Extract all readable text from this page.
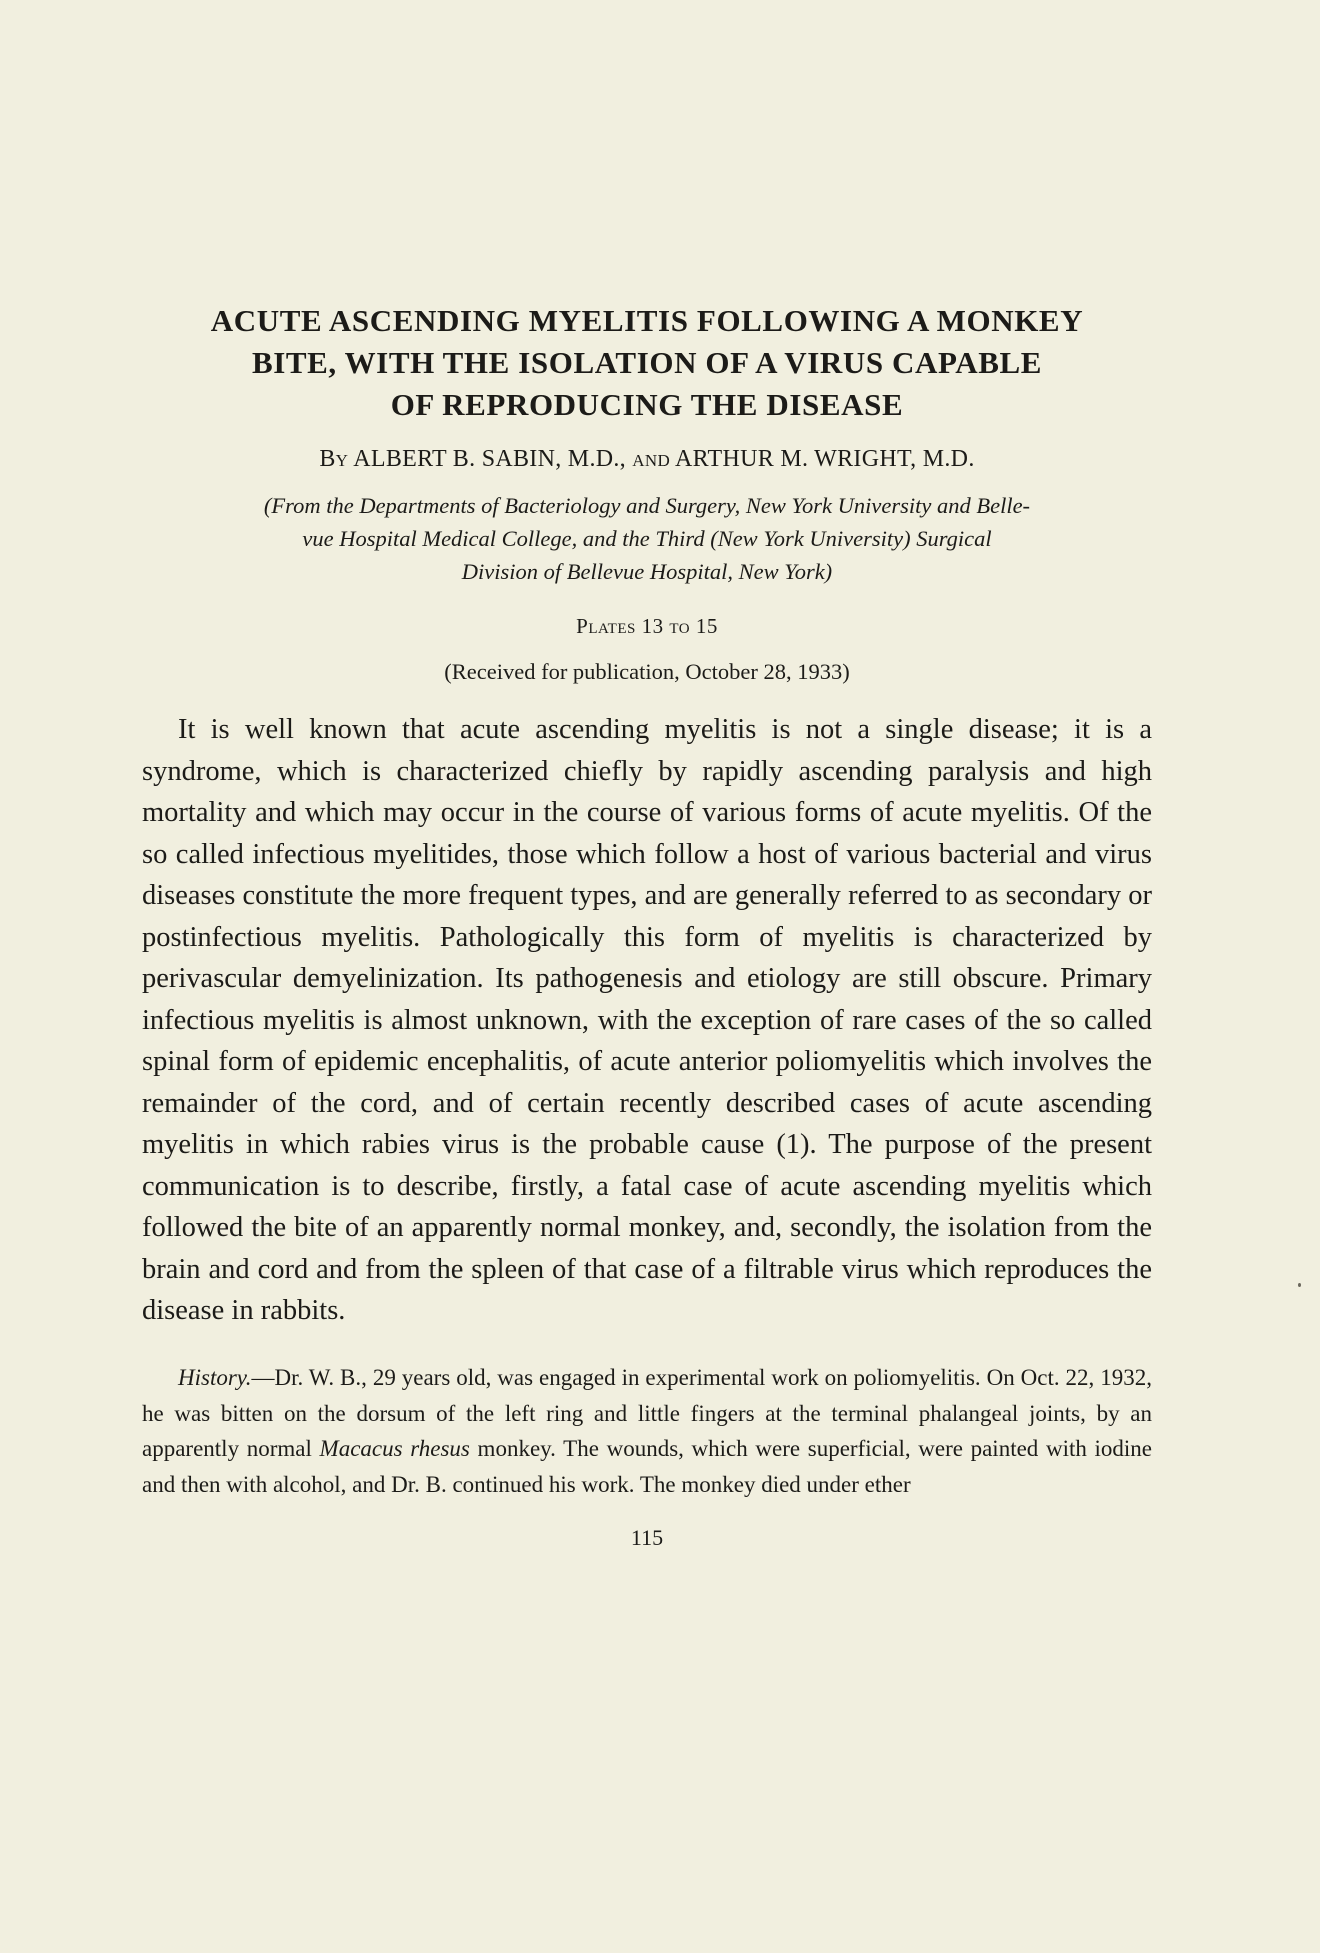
ACUTE ASCENDING MYELITIS FOLLOWING A MONKEY
BITE, WITH THE ISOLATION OF A VIRUS CAPABLE
OF REPRODUCING THE DISEASE
By ALBERT B. SABIN, M.D., and ARTHUR M. WRIGHT, M.D.
(From the Departments of Bacteriology and Surgery, New York University and Belle-
vue Hospital Medical College, and the Third (New York University) Surgical
Division of Bellevue Hospital, New York)
Plates 13 to 15
(Received for publication, October 28, 1933)

It is well known that acute ascending myelitis is not a single disease; it is a syndrome, which is characterized chiefly by rapidly ascending paralysis and high mortality and which may occur in the course of various forms of acute myelitis. Of the so called infectious myelitides, those which follow a host of various bacterial and virus diseases constitute the more frequent types, and are generally referred to as secondary or postinfectious myelitis. Pathologically this form of myelitis is characterized by perivascular demyelinization. Its pathogenesis and etiology are still obscure. Primary infectious myelitis is almost unknown, with the exception of rare cases of the so called spinal form of epidemic encephalitis, of acute anterior poliomyelitis which involves the remainder of the cord, and of certain recently described cases of acute ascending myelitis in which rabies virus is the probable cause (1). The purpose of the present communication is to describe, firstly, a fatal case of acute ascending myelitis which followed the bite of an apparently normal monkey, and, secondly, the isolation from the brain and cord and from the spleen of that case of a filtrable virus which reproduces the disease in rabbits.

History.—Dr. W. B., 29 years old, was engaged in experimental work on poliomyelitis. On Oct. 22, 1932, he was bitten on the dorsum of the left ring and little fingers at the terminal phalangeal joints, by an apparently normal Macacus rhesus monkey. The wounds, which were superficial, were painted with iodine and then with alcohol, and Dr. B. continued his work. The monkey died under ether

115
